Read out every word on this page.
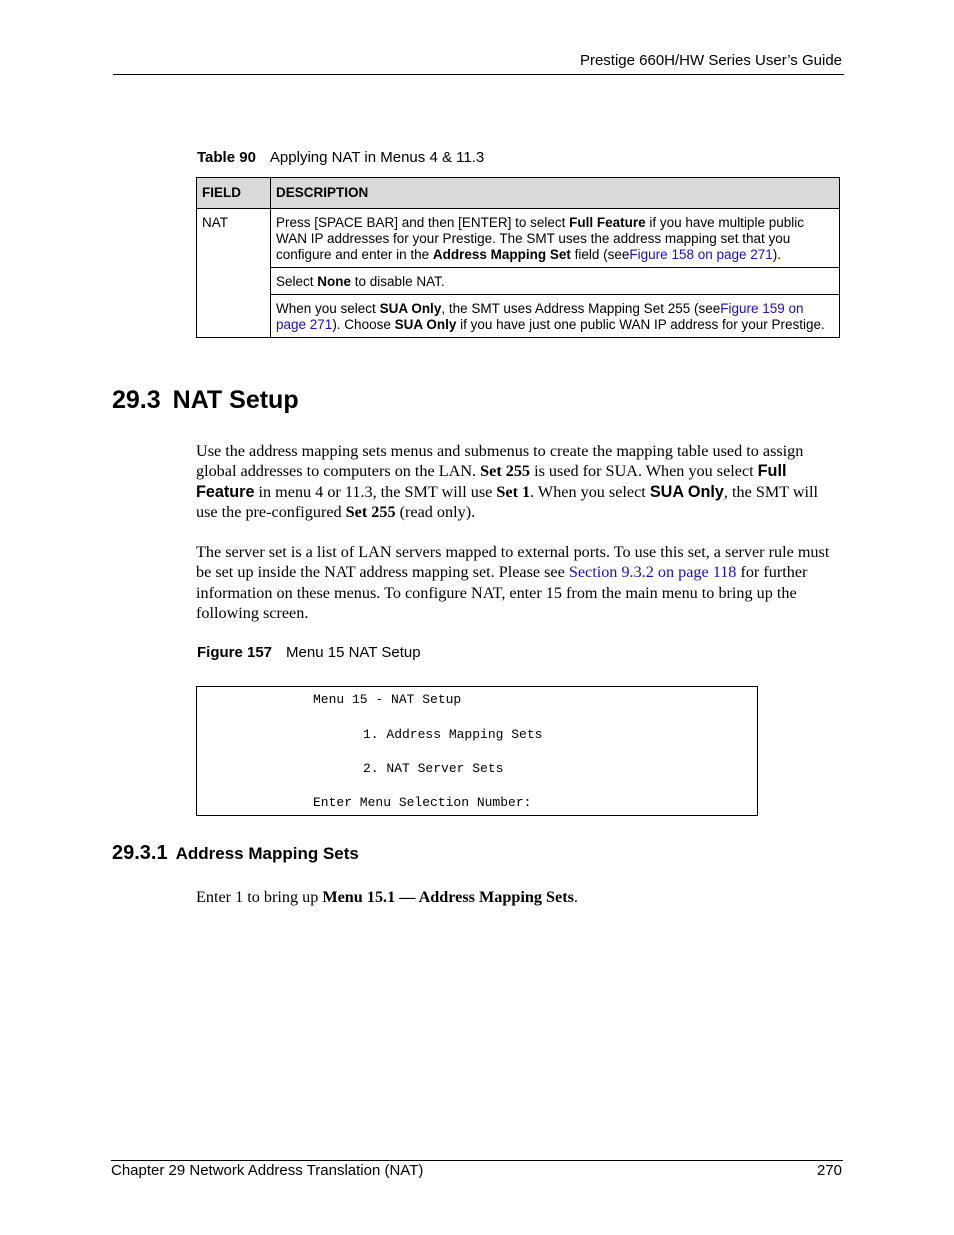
Prestige 660H/HW Series User’s Guide
Table 90 Applying NAT in Menus 4 & 11.3
FIELD	DESCRIPTION
NAT	Press [SPACE BAR] and then [ENTER] to select Full Feature if you have multiple public WAN IP addresses for your Prestige. The SMT uses the address mapping set that you configure and enter in the Address Mapping Set field (seeFigure 158 on page 271).
	Select None to disable NAT.
	When you select SUA Only, the SMT uses Address Mapping Set 255 (seeFigure 159 on page 271). Choose SUA Only if you have just one public WAN IP address for your Prestige.
29.3 NAT Setup

Use the address mapping sets menus and submenus to create the mapping table used to assign global addresses to computers on the LAN. Set 255 is used for SUA. When you select Full Feature in menu 4 or 11.3, the SMT will use Set 1. When you select SUA Only, the SMT will use the pre-configured Set 255 (read only).

The server set is a list of LAN servers mapped to external ports. To use this set, a server rule must be set up inside the NAT address mapping set. Please see Section 9.3.2 on page 118 for further information on these menus. To configure NAT, enter 15 from the main menu to bring up the following screen.

Figure 157 Menu 15 NAT Setup
Menu 15 - NAT Setup
1. Address Mapping Sets
2. NAT Server Sets
Enter Menu Selection Number:
29.3.1 Address Mapping Sets

Enter 1 to bring up Menu 15.1 — Address Mapping Sets.

Chapter 29 Network Address Translation (NAT)	270
